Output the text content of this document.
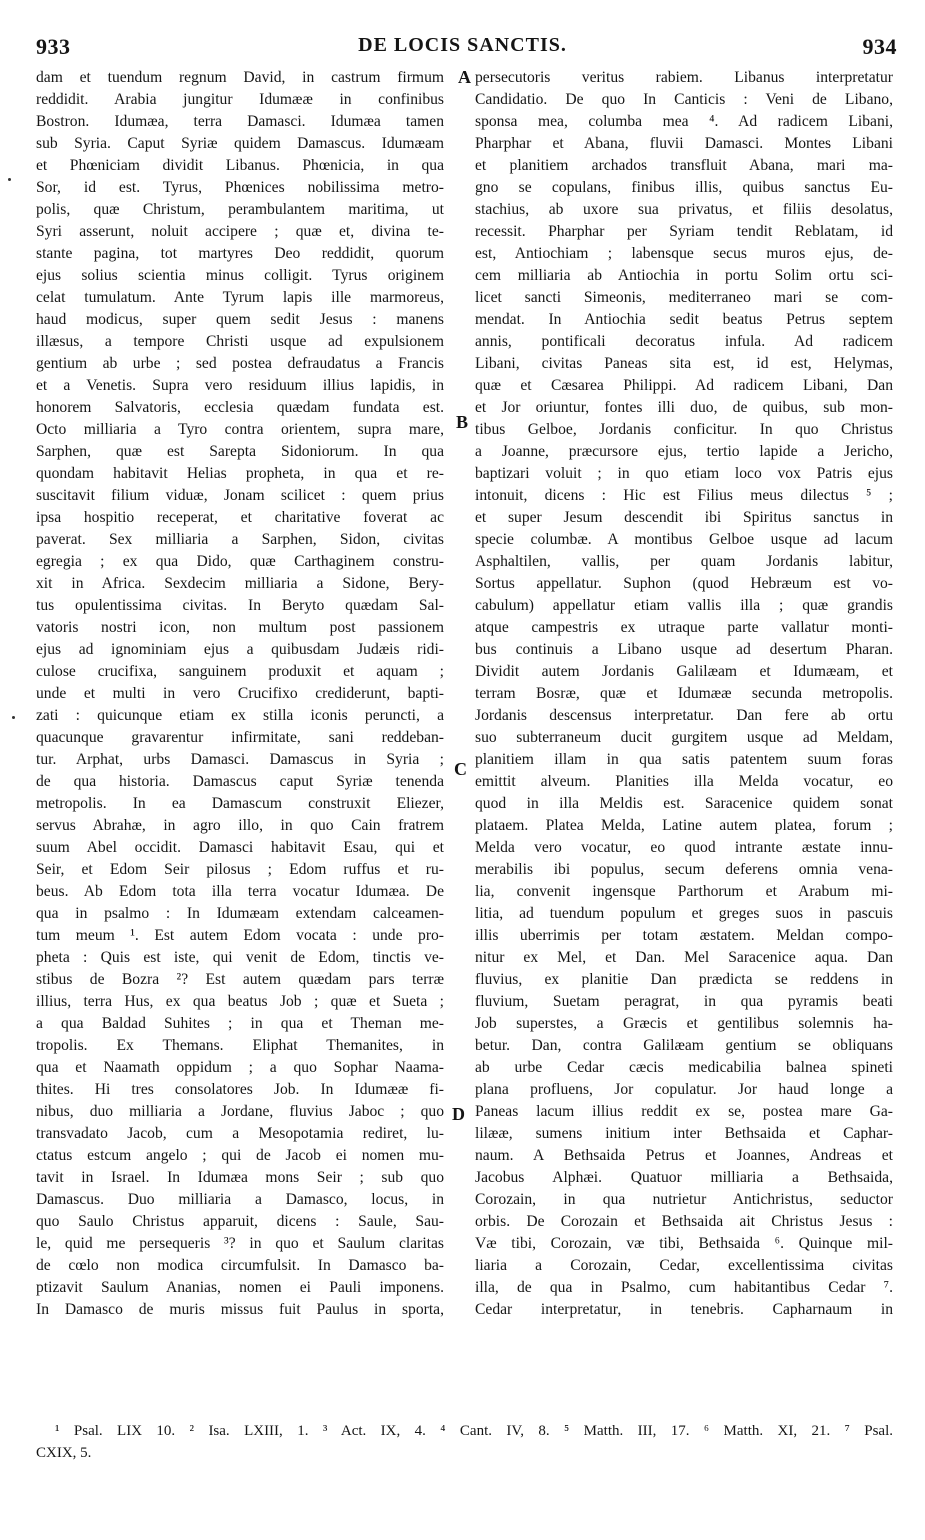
933	DE LOCIS SANCTIS.	934
dam et tuendum regnum David, in castrum firmum
reddidit. Arabia jungitur Idumææ in confinibus
Bostron. Idumæa, terra Damasci. Idumæa tamen
sub Syria. Caput Syriæ quidem Damascus. Idumæam
et Phœniciam dividit Libanus. Phœnicia, in qua
Sor, id est. Tyrus, Phœnices nobilissima metro-
polis, quæ Christum, perambulantem maritima, ut
Syri asserunt, noluit accipere ; quæ et, divina te-
stante pagina, tot martyres Deo reddidit, quorum
ejus solius scientia minus colligit. Tyrus originem
celat tumulatum. Ante Tyrum lapis ille marmoreus,
haud modicus, super quem sedit Jesus : manens
illæsus, a tempore Christi usque ad expulsionem
gentium ab urbe ; sed postea defraudatus a Francis
et a Venetis. Supra vero residuum illius lapidis, in
honorem Salvatoris, ecclesia quædam fundata est.
Octo milliaria a Tyro contra orientem, supra mare,
Sarphen, quæ est Sarepta Sidoniorum. In qua
quondam habitavit Helias propheta, in qua et re-
suscitavit filium viduæ, Jonam scilicet : quem prius
ipsa hospitio receperat, et charitative foverat ac
paverat. Sex milliaria a Sarphen, Sidon, civitas
egregia ; ex qua Dido, quæ Carthaginem constru-
xit in Africa. Sexdecim milliaria a Sidone, Bery-
tus opulentissima civitas. In Beryto quædam Sal-
vatoris nostri icon, non multum post passionem
ejus ad ignominiam ejus a quibusdam Judæis ridi-
culose crucifixa, sanguinem produxit et aquam ;
unde et multi in vero Crucifixo crediderunt, bapti-
zati : quicunque etiam ex stilla iconis peruncti, a
quacunque gravarentur infirmitate, sani reddeban-
tur. Arphat, urbs Damasci. Damascus in Syria ;
de qua historia. Damascus caput Syriæ tenenda
metropolis. In ea Damascum construxit Eliezer,
servus Abrahæ, in agro illo, in quo Cain fratrem
suum Abel occidit. Damasci habitavit Esau, qui et
Seir, et Edom Seir pilosus ; Edom ruffus et ru-
beus. Ab Edom tota illa terra vocatur Idumæa. De
qua in psalmo : In Idumæam extendam calceamen-
tum meum ¹. Est autem Edom vocata : unde pro-
pheta : Quis est iste, qui venit de Edom, tinctis ve-
stibus de Bozra ²? Est autem quædam pars terræ
illius, terra Hus, ex qua beatus Job ; quæ et Sueta ;
a qua Baldad Suhites ; in qua et Theman me-
tropolis. Ex Themans. Eliphat Themanites, in
qua et Naamath oppidum ; a quo Sophar Naama-
thites. Hi tres consolatores Job. In Idumææ fi-
nibus, duo milliaria a Jordane, fluvius Jaboc ; quo
transvadato Jacob, cum a Mesopotamia rediret, lu-
ctatus estcum angelo ; qui de Jacob ei nomen mu-
tavit in Israel. In Idumæa mons Seir ; sub quo
Damascus. Duo milliaria a Damasco, locus, in
quo Saulo Christus apparuit, dicens : Saule, Sau-
le, quid me persequeris ³? in quo et Saulum claritas
de cœlo non modica circumfulsit. In Damasco ba-
ptizavit Saulum Ananias, nomen ei Pauli imponens.
In Damasco de muris missus fuit Paulus in sporta,
A
B
C
D
persecutoris veritus rabiem. Libanus interpretatur
Candidatio. De quo In Canticis : Veni de Libano,
sponsa mea, columba mea ⁴. Ad radicem Libani,
Pharphar et Abana, fluvii Damasci. Montes Libani
et planitiem archados transfluit Abana, mari ma-
gno se copulans, finibus illis, quibus sanctus Eu-
stachius, ab uxore sua privatus, et filiis desolatus,
recessit. Pharphar per Syriam tendit Reblatam, id
est, Antiochiam ; labensque secus muros ejus, de-
cem milliaria ab Antiochia in portu Solim ortu sci-
licet sancti Simeonis, mediterraneo mari se com-
mendat. In Antiochia sedit beatus Petrus septem
annis, pontificali decoratus infula. Ad radicem
Libani, civitas Paneas sita est, id est, Helymas,
quæ et Cæsarea Philippi. Ad radicem Libani, Dan
et Jor oriuntur, fontes illi duo, de quibus, sub mon-
tibus Gelboe, Jordanis conficitur. In quo Christus
a Joanne, præcursore ejus, tertio lapide a Jericho,
baptizari voluit ; in quo etiam loco vox Patris ejus
intonuit, dicens : Hic est Filius meus dilectus ⁵ ;
et super Jesum descendit ibi Spiritus sanctus in
specie columbæ. A montibus Gelboe usque ad lacum
Asphaltilen, vallis, per quam Jordanis labitur,
Sortus appellatur. Suphon (quod Hebræum est vo-
cabulum) appellatur etiam vallis illa ; quæ grandis
atque campestris ex utraque parte vallatur monti-
bus continuis a Libano usque ad desertum Pharan.
Dividit autem Jordanis Galilæam et Idumæam, et
terram Bosræ, quæ et Idumææ secunda metropolis.
Jordanis descensus interpretatur. Dan fere ab ortu
suo subterraneum ducit gurgitem usque ad Meldam,
planitiem illam in qua satis patentem suum foras
emittit alveum. Planities illa Melda vocatur, eo
quod in illa Meldis est. Saracenice quidem sonat
plataem. Platea Melda, Latine autem platea, forum ;
Melda vero vocatur, eo quod intrante æstate innu-
merabilis ibi populus, secum deferens omnia vena-
lia, convenit ingensque Parthorum et Arabum mi-
litia, ad tuendum populum et greges suos in pascuis
illis uberrimis per totam æstatem. Meldan compo-
nitur ex Mel, et Dan. Mel Saracenice aqua. Dan
fluvius, ex planitie Dan prædicta se reddens in
fluvium, Suetam peragrat, in qua pyramis beati
Job superstes, a Græcis et gentilibus solemnis ha-
betur. Dan, contra Galilæam gentium se obliquans
ab urbe Cedar cæcis medicabilia balnea spineti
plana profluens, Jor copulatur. Jor haud longe a
Paneas lacum illius reddit ex se, postea mare Ga-
lilææ, sumens initium inter Bethsaida et Caphar-
naum. A Bethsaida Petrus et Joannes, Andreas et
Jacobus Alphæi. Quatuor milliaria a Bethsaida,
Corozain, in qua nutrietur Antichristus, seductor
orbis. De Corozain et Bethsaida ait Christus Jesus :
Væ tibi, Corozain, væ tibi, Bethsaida ⁶. Quinque mil-
liaria a Corozain, Cedar, excellentissima civitas
illa, de qua in Psalmo, cum habitantibus Cedar ⁷.
Cedar interpretatur, in tenebris. Capharnaum in
¹ Psal. LIX 10. ² Isa. LXIII, 1. ³ Act. IX, 4. ⁴ Cant. IV, 8. ⁵ Matth. III, 17. ⁶ Matth. XI, 21. ⁷ Psal.
CXIX, 5.
